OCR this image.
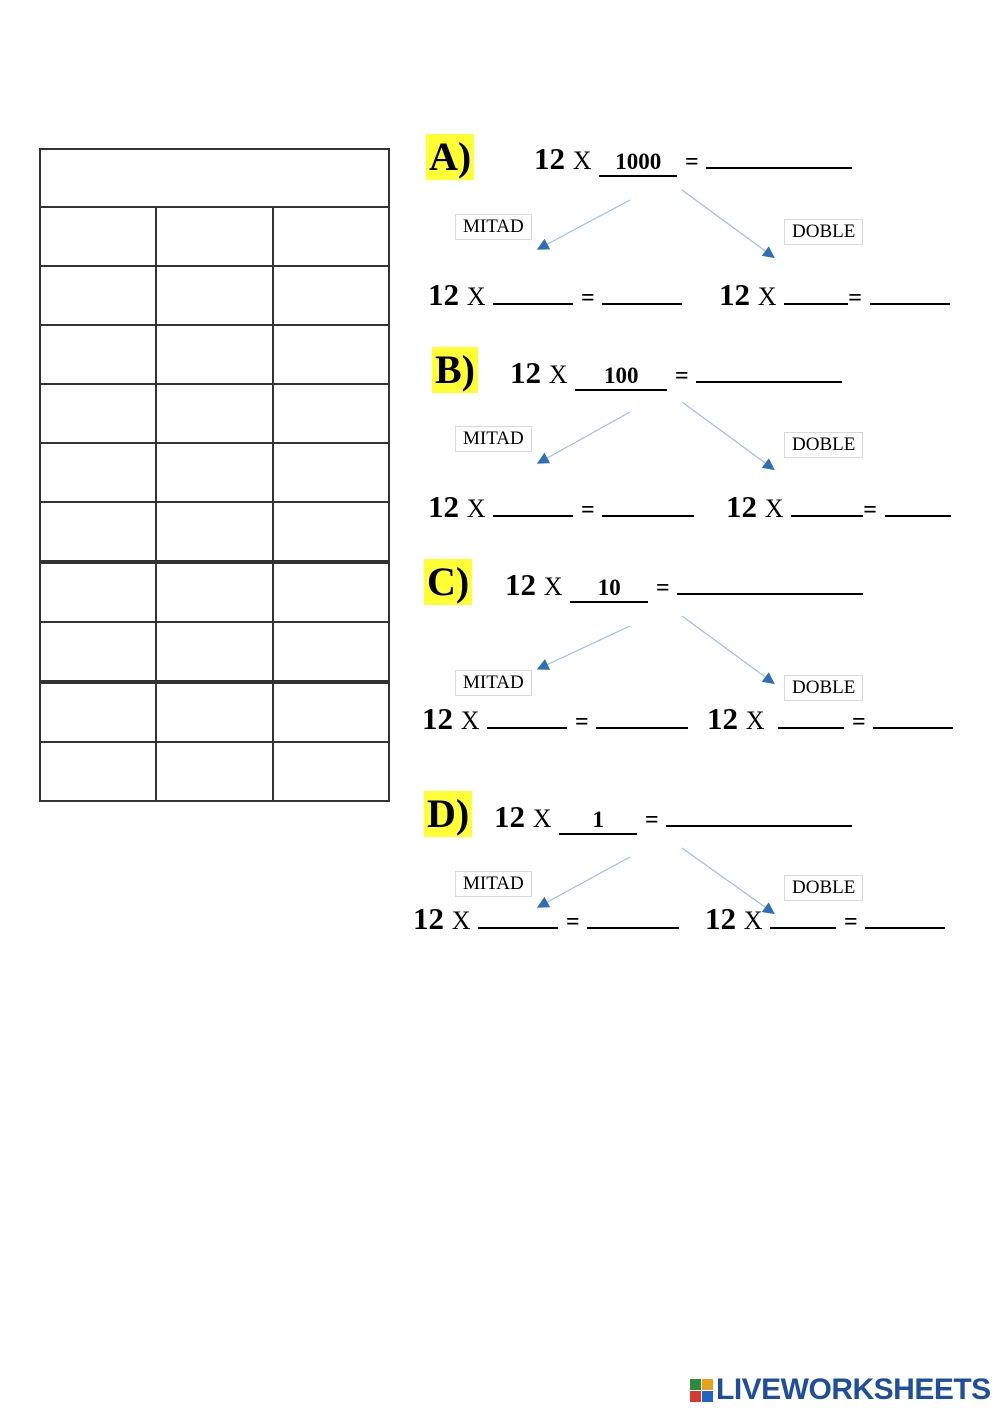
A) 12 X 1000 =
MITAD	DOBLE
12 X	=	12 X	=
B) 12 X 100 =
MITAD	DOBLE
12 X	=	12 X	=
C) 12 X 10 =
MITAD	DOBLE
12 X	=	12 X	=
D) 12 X 1 =
MITAD	DOBLE
12 X	=	12 X	=
LIVEWORKSHEETS
